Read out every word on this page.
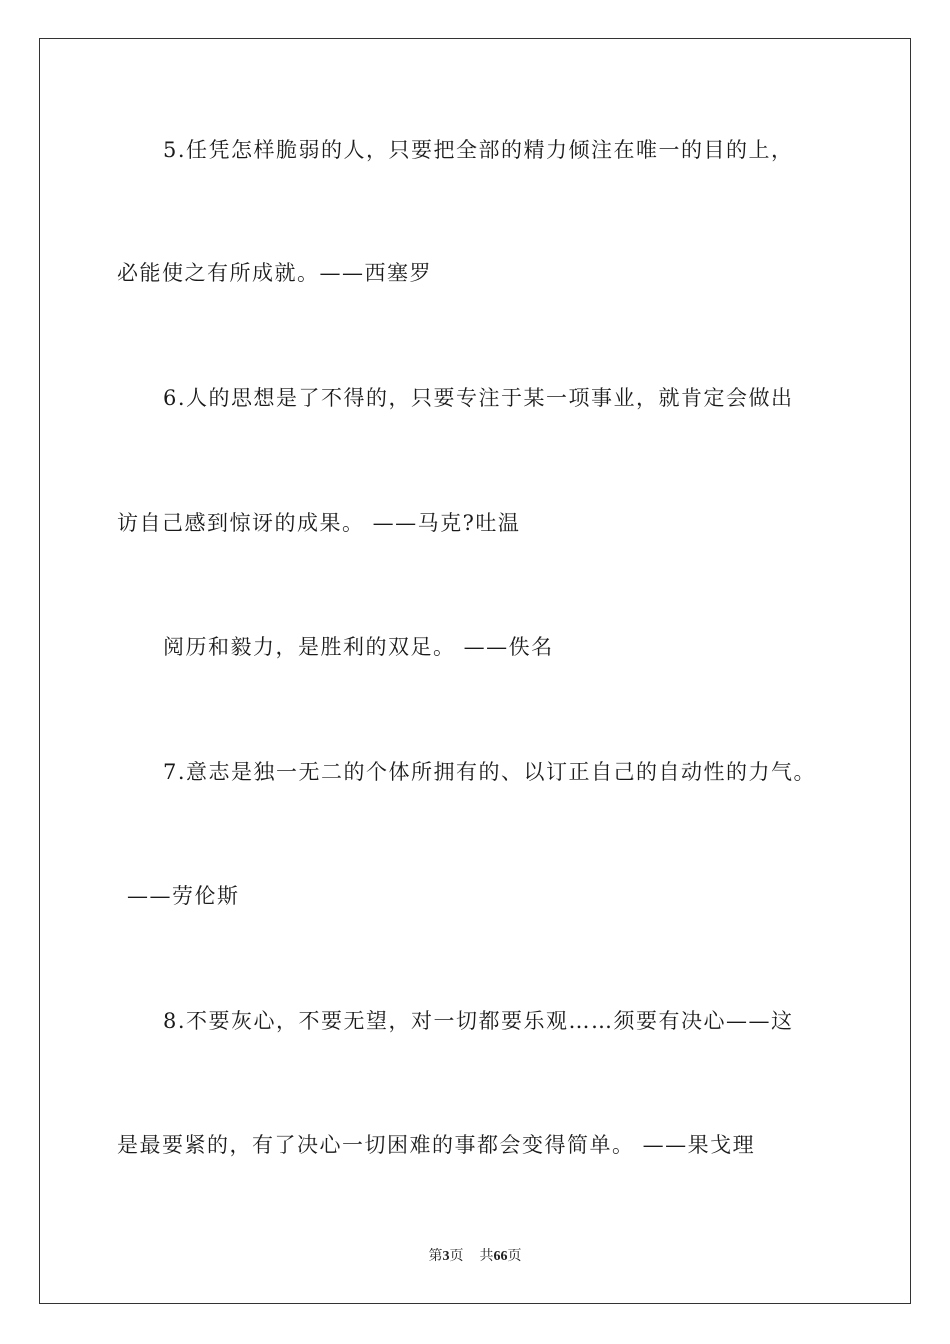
5.任凭怎样脆弱的人，只要把全部的精力倾注在唯一的目的上，
必能使之有所成就。——西塞罗
6.人的思想是了不得的，只要专注于某一项事业，就肯定会做出
访自己感到惊讶的成果。 ——马克?吐温
阅历和毅力，是胜利的双足。 ——佚名
7.意志是独一无二的个体所拥有的、以订正自己的自动性的力气。
——劳伦斯
8.不要灰心，不要无望，对一切都要乐观……须要有决心——这
是最要紧的，有了决心一切困难的事都会变得简单。 ——果戈理
第3页 共66页
